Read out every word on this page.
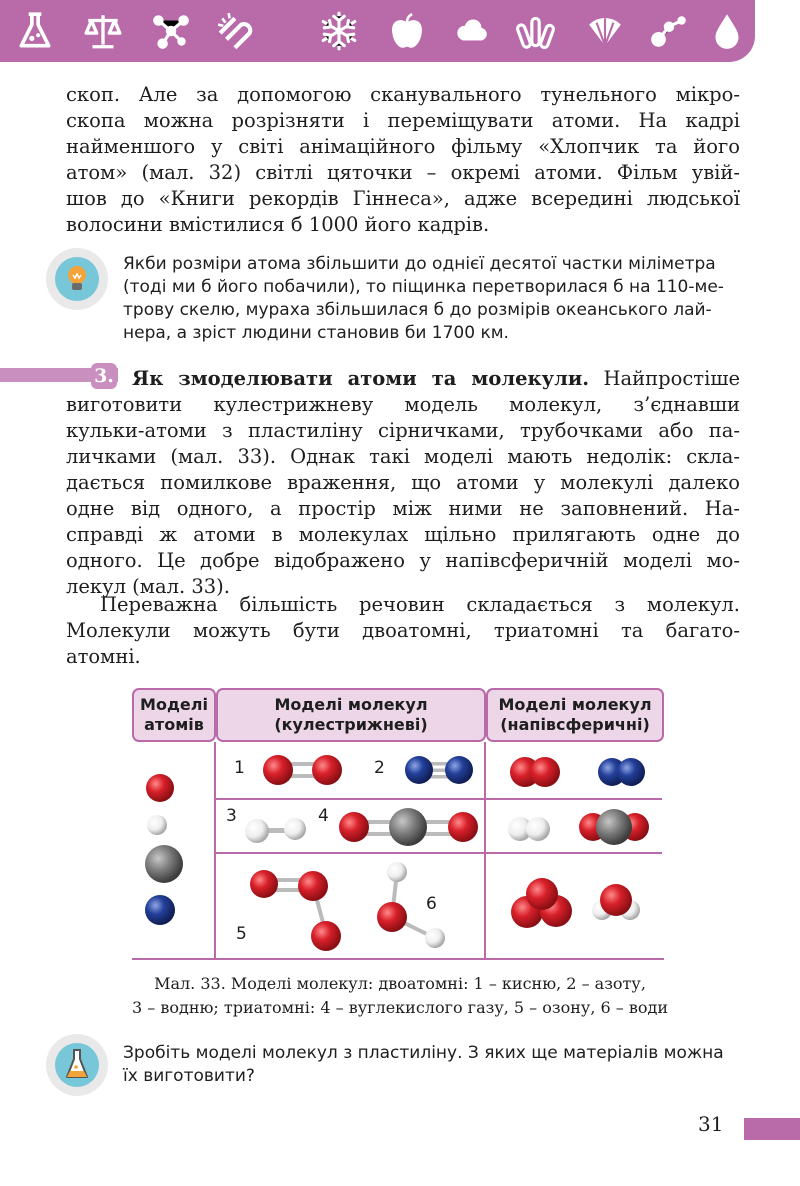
скоп. Але за допомогою сканувального тунельного мікро-
скопа можна розрізняти і переміщувати атоми. На кадрі
найменшого у світі анімаційного фільму «Хлопчик та його
атом» (мал. 32) світлі цяточки – окремі атоми. Фільм увій-
шов до «Книги рекордів Гіннеса», адже всередині людської
волосини вмістилися б 1000 його кадрів.
Якби розміри атома збільшити до однієї десятої частки міліметра
(тоді ми б його побачили), то піщинка перетворилася б на 110-ме-
трову скелю, мураха збільшилася б до розмірів океанського лай-
нера, а зріст людини становив би 1700 км.
3. Як змоделювати атоми та молекули. Найпростіше
виготовити кулестрижневу модель молекул, з’єднавши
кульки-атоми з пластиліну сірничками, трубочками або па-
личками (мал. 33). Однак такі моделі мають недолік: скла-
дається помилкове враження, що атоми у молекулі далеко
одне від одного, а простір між ними не заповнений. На-
справді ж атоми в молекулах щільно прилягають одне до
одного. Це добре відображено у напівсферичній моделі мо-
лекул (мал. 33).
Переважна більшість речовин складається з молекул.
Молекули можуть бути двоатомні, триатомні та багато-
атомні.
Моделі
атомів
Моделі молекул
(кулестрижневі)
Моделі молекул
(напівсферичні)
1	2
3	4
5
6
Мал. 33. Моделі молекул: двоатомні: 1 – кисню, 2 – азоту,
3 – водню; триатомні: 4 – вуглекислого газу, 5 – озону, 6 – води
Зробіть моделі молекул з пластиліну. З яких ще матеріалів можна
їх виготовити?
31
